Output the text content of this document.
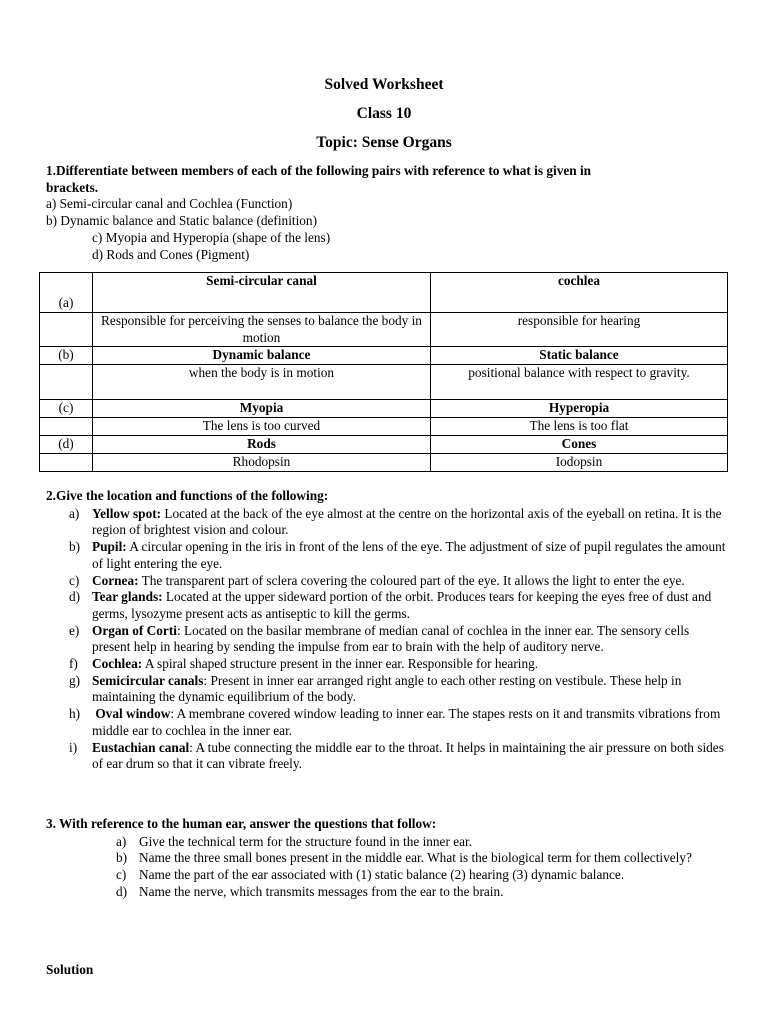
Solved Worksheet
Class 10
Topic: Sense Organs
1.Differentiate between members of each of the following pairs with reference to what is given in
brackets.
a) Semi-circular canal and Cochlea (Function)
b) Dynamic balance and Static balance (definition)
c) Myopia and Hyperopia (shape of the lens)
d) Rods and Cones (Pigment)
(a)	Semi-circular canal	cochlea
	Responsible for perceiving the senses to balance the body in motion	responsible for hearing
(b)	Dynamic balance	Static balance
	when the body is in motion	positional balance with respect to gravity.
(c)	Myopia	Hyperopia
	The lens is too curved	The lens is too flat
(d)	Rods	Cones
	Rhodopsin	Iodopsin
2.Give the location and functions of the following:
a) Yellow spot: Located at the back of the eye almost at the centre on the horizontal axis of the eyeball on retina. It is the region of brightest vision and colour.
b) Pupil: A circular opening in the iris in front of the lens of the eye. The adjustment of size of pupil regulates the amount of light entering the eye.
c) Cornea: The transparent part of sclera covering the coloured part of the eye. It allows the light to enter the eye.
d) Tear glands: Located at the upper sideward portion of the orbit. Produces tears for keeping the eyes free of dust and germs, lysozyme present acts as antiseptic to kill the germs.
e) Organ of Corti: Located on the basilar membrane of median canal of cochlea in the inner ear. The sensory cells present help in hearing by sending the impulse from ear to brain with the help of auditory nerve.
f) Cochlea: A spiral shaped structure present in the inner ear. Responsible for hearing.
g) Semicircular canals: Present in inner ear arranged right angle to each other resting on vestibule. These help in maintaining the dynamic equilibrium of the body.
h) Oval window: A membrane covered window leading to inner ear. The stapes rests on it and transmits vibrations from middle ear to cochlea in the inner ear.
i) Eustachian canal: A tube connecting the middle ear to the throat. It helps in maintaining the air pressure on both sides of ear drum so that it can vibrate freely.
3. With reference to the human ear, answer the questions that follow:
a) Give the technical term for the structure found in the inner ear.
b) Name the three small bones present in the middle ear. What is the biological term for them collectively?
c) Name the part of the ear associated with (1) static balance (2) hearing (3) dynamic balance.
d) Name the nerve, which transmits messages from the ear to the brain.
Solution
